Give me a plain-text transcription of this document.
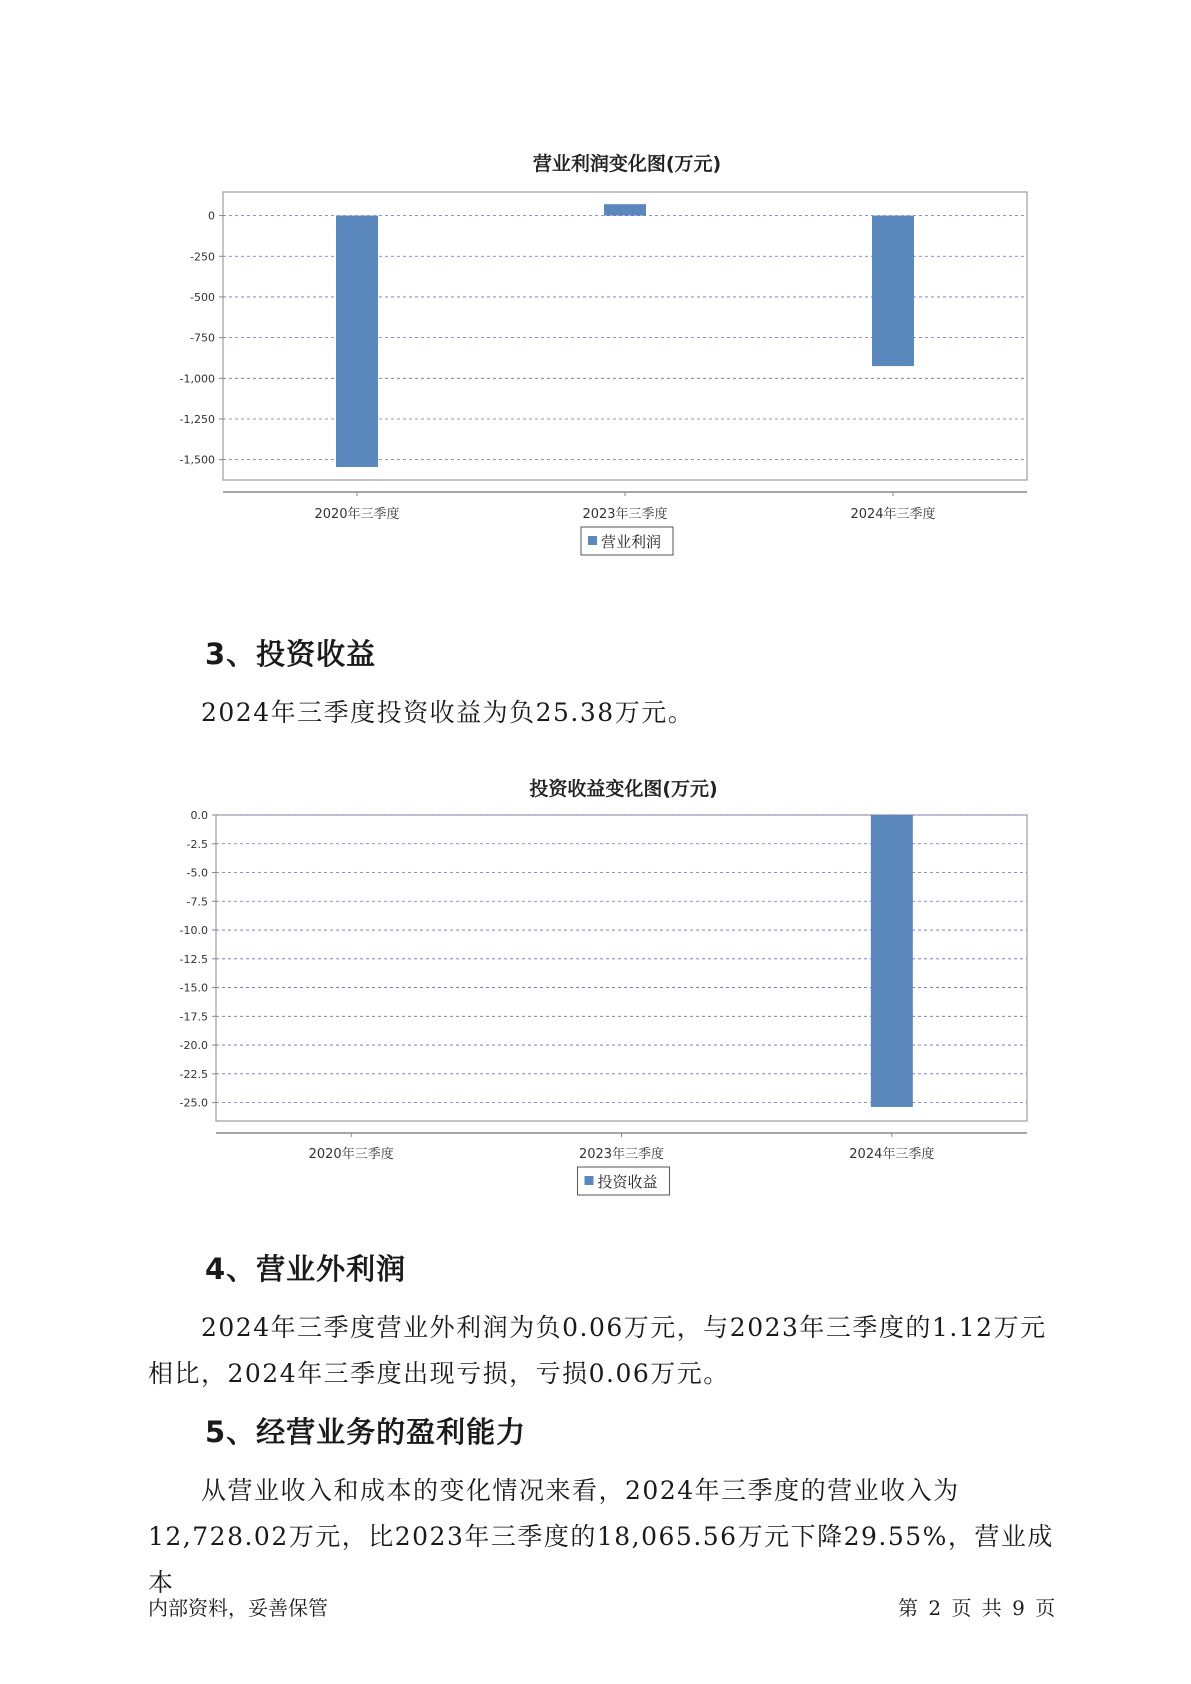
营业利润变化图(万元)
0
-250
-500
-750
-1,000
-1,250
-1,500
2020年三季度	2023年三季度	2024年三季度
营业利润
3、投资收益

2024年三季度投资收益为负25.38万元。

投资收益变化图(万元)
0.0
-2.5
-5.0
-7.5
-10.0
-12.5
-15.0
-17.5
-20.0
-22.5
-25.0
2020年三季度	2023年三季度	2024年三季度
投资收益
4、营业外利润

2024年三季度营业外利润为负0.06万元，与2023年三季度的1.12万元相比，2024年三季度出现亏损，亏损0.06万元。

5、经营业务的盈利能力

从营业收入和成本的变化情况来看，2024年三季度的营业收入为12,728.02万元，比2023年三季度的18,065.56万元下降29.55%，营业成本

内部资料，妥善保管	第 2 页 共 9 页
